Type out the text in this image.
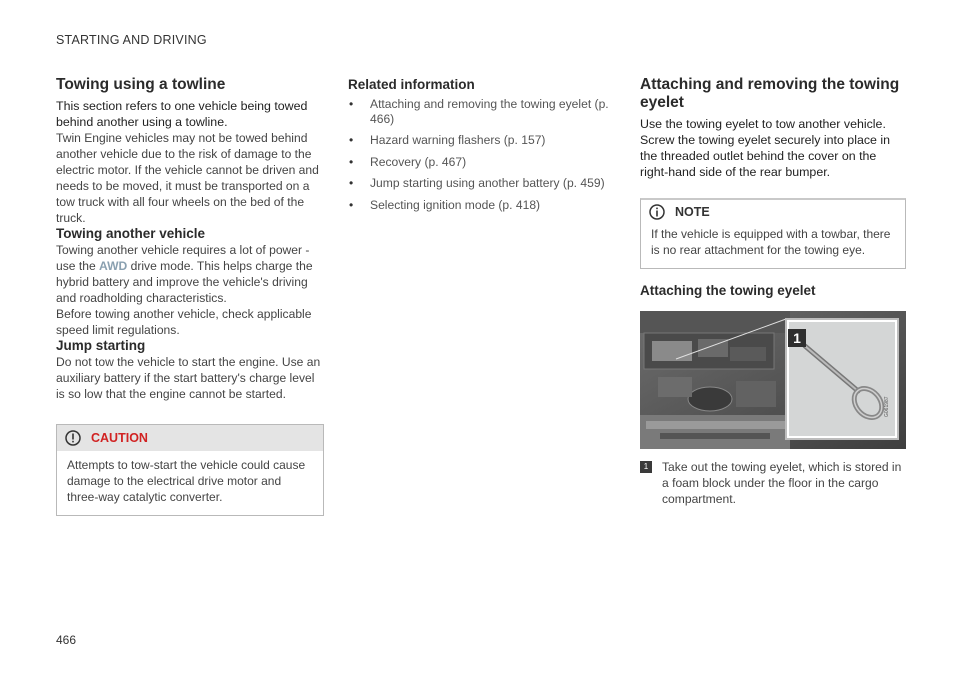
STARTING AND DRIVING
Towing using a towline

This section refers to one vehicle being towed behind another using a towline.

Twin Engine vehicles may not be towed behind another vehicle due to the risk of damage to the electric motor. If the vehicle cannot be driven and needs to be moved, it must be transported on a tow truck with all four wheels on the bed of the truck.

Towing another vehicle

Towing another vehicle requires a lot of power - use the AWD drive mode. This helps charge the hybrid battery and improve the vehicle's driving and roadholding characteristics.

Before towing another vehicle, check applicable speed limit regulations.

Jump starting

Do not tow the vehicle to start the engine. Use an auxiliary battery if the start battery's charge level is so low that the engine cannot be started.

CAUTION
Attempts to tow-start the vehicle could cause damage to the electrical drive motor and three-way catalytic converter.
Related information
• Attaching and removing the towing eyelet (p. 466)
• Hazard warning flashers (p. 157)
• Recovery (p. 467)
• Jump starting using another battery (p. 459)
• Selecting ignition mode (p. 418)
Attaching and removing the towing eyelet

Use the towing eyelet to tow another vehicle. Screw the towing eyelet securely into place in the threaded outlet behind the cover on the right-hand side of the rear bumper.

NOTE
If the vehicle is equipped with a towbar, there is no rear attachment for the towing eye.
Attaching the towing eyelet
1
G061987
1	Take out the towing eyelet, which is stored in a foam block under the floor in the cargo compartment.
466
